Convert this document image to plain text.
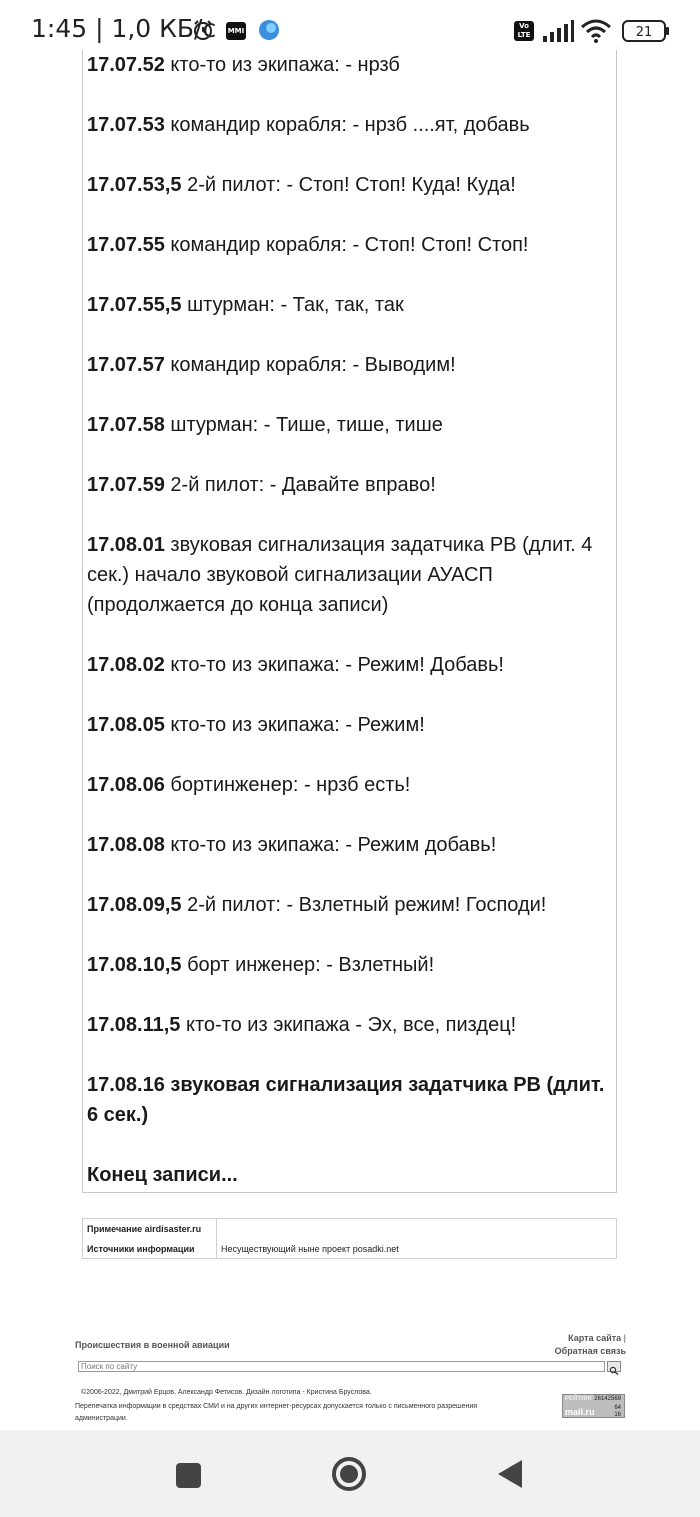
1:45 | 1,0 КБ/с MMI
Vo LTE	21
17.07.52 кто-то из экипажа: - нрзб
17.07.53 командир корабля: - нрзб ....ят, добавь
17.07.53,5 2-й пилот: - Стоп! Стоп! Куда! Куда!
17.07.55 командир корабля: - Стоп! Стоп! Стоп!
17.07.55,5 штурман: - Так, так, так
17.07.57 командир корабля: - Выводим!
17.07.58 штурман: - Тише, тише, тише
17.07.59 2-й пилот: - Давайте вправо!
17.08.01 звуковая сигнализация задатчика РВ (длит. 4 сек.) начало звуковой сигнализации АУАСП (продолжается до конца записи)
17.08.02 кто-то из экипажа: - Режим! Добавь!
17.08.05 кто-то из экипажа: - Режим!
17.08.06 бортинженер: - нрзб есть!
17.08.08 кто-то из экипажа: - Режим добавь!
17.08.09,5 2-й пилот: - Взлетный режим! Господи!
17.08.10,5 борт инженер: - Взлетный!
17.08.11,5 кто-то из экипажа - Эх, все, пиздец!
17.08.16 звуковая сигнализация задатчика РВ (длит. 6 сек.)
Конец записи...
Примечание airdisaster.ru
Источники информации	Несуществующий ныне проект posadki.net
Происшествия в военной авиации
Карта сайта | Обратная связь
Поиск по сайту
©2006-2022, Дмитрий Ерцов, Александр Фетисов. Дизайн логотипа - Кристина Бруслова.
Перепечатка информации в средствах СМИ и на других интернет-ресурсах допускается только с письменного разрешения администрации.
РЕЙТИНГ 26142569
mail.ru	64
16
